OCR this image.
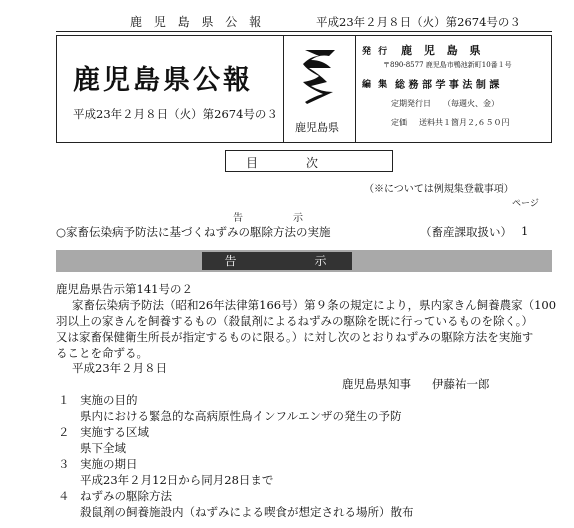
鹿 児 島 県 公 報	平成23年２月８日（火）第2674号の３
鹿児島県公報
平成23年２月８日（火）第2674号の３
鹿児島県
発 行 鹿 児 島 県
〒890-8577 鹿児島市鴨池新町10番１号
編 集 総 務 部 学 事 法 制 課
定期発行日 （毎週火、金）
定価 送料共１箇月２,６５０円
目　　　　次
（※については例規集登載事項）
ページ
告　　　　　示
○家畜伝染病予防法に基づくねずみの駆除方法の実施	（畜産課取扱い） 1
告　　　　　示
鹿児島県告示第141号の２
家畜伝染病予防法（昭和26年法律第166号）第９条の規定により，県内家きん飼養農家（100
羽以上の家きんを飼養するもの（殺鼠剤によるねずみの駆除を既に行っているものを除く。）
又は家畜保健衛生所長が指定するものに限る。）に対し次のとおりねずみの駆除方法を実施す
ることを命ずる。
平成23年２月８日
鹿児島県知事 伊藤祐一郎
１ 実施の目的
県内における緊急的な高病原性鳥インフルエンザの発生の予防
２ 実施する区域
県下全域
３ 実施の期日
平成23年２月12日から同月28日まで
４ ねずみの駆除方法
殺鼠剤の飼養施設内（ねずみによる喫食が想定される場所）散布
